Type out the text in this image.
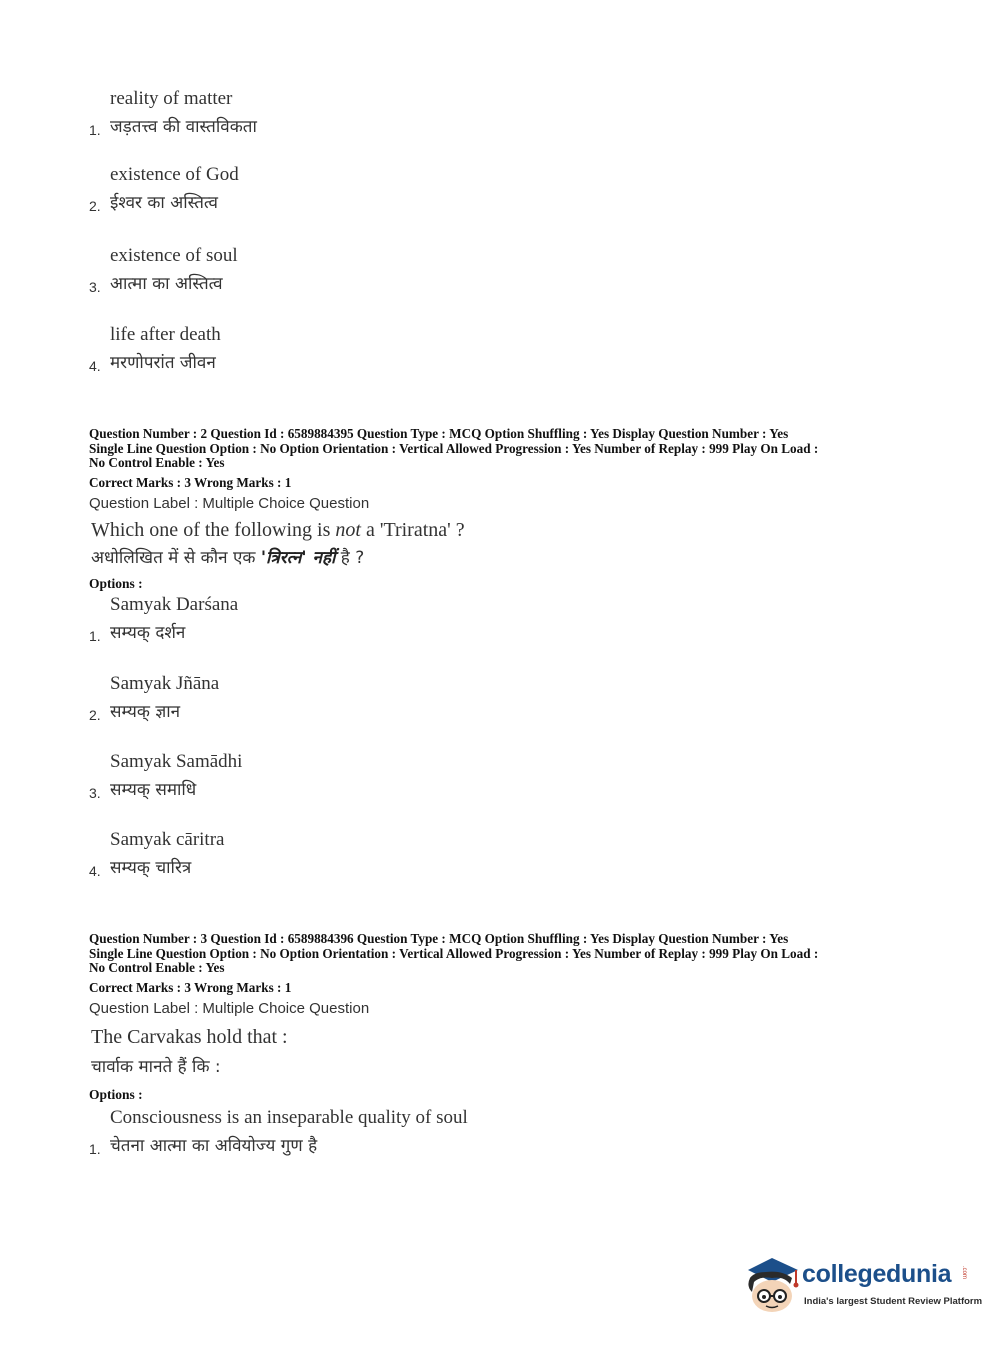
reality of matter
जड़तत्त्व की वास्तविकता
1.
existence of God
ईश्वर का अस्तित्व
2.
existence of soul
आत्मा का अस्तित्व
3.
life after death
मरणोपरांत जीवन
4.
Question Number : 2 Question Id : 6589884395 Question Type : MCQ Option Shuffling : Yes Display Question Number : Yes
Single Line Question Option : No Option Orientation : Vertical Allowed Progression : Yes Number of Replay : 999 Play On Load :
No Control Enable : Yes
Correct Marks : 3 Wrong Marks : 1
Question Label : Multiple Choice Question
Which one of the following is not a 'Triratna' ?
अधोलिखित में से कौन एक 'त्रिरत्न' नहीं है ?
Options :
Samyak Darśana
सम्यक् दर्शन
1.
Samyak Jñāna
सम्यक् ज्ञान
2.
Samyak Samādhi
सम्यक् समाधि
3.
Samyak cāritra
सम्यक् चारित्र
4.
Question Number : 3 Question Id : 6589884396 Question Type : MCQ Option Shuffling : Yes Display Question Number : Yes
Single Line Question Option : No Option Orientation : Vertical Allowed Progression : Yes Number of Replay : 999 Play On Load :
No Control Enable : Yes
Correct Marks : 3 Wrong Marks : 1
Question Label : Multiple Choice Question
The Carvakas hold that :
चार्वाक मानते हैं कि :
Options :
Consciousness is an inseparable quality of soul
चेतना आत्मा का अवियोज्य गुण है
1.
collegedunia .com
India's largest Student Review Platform
